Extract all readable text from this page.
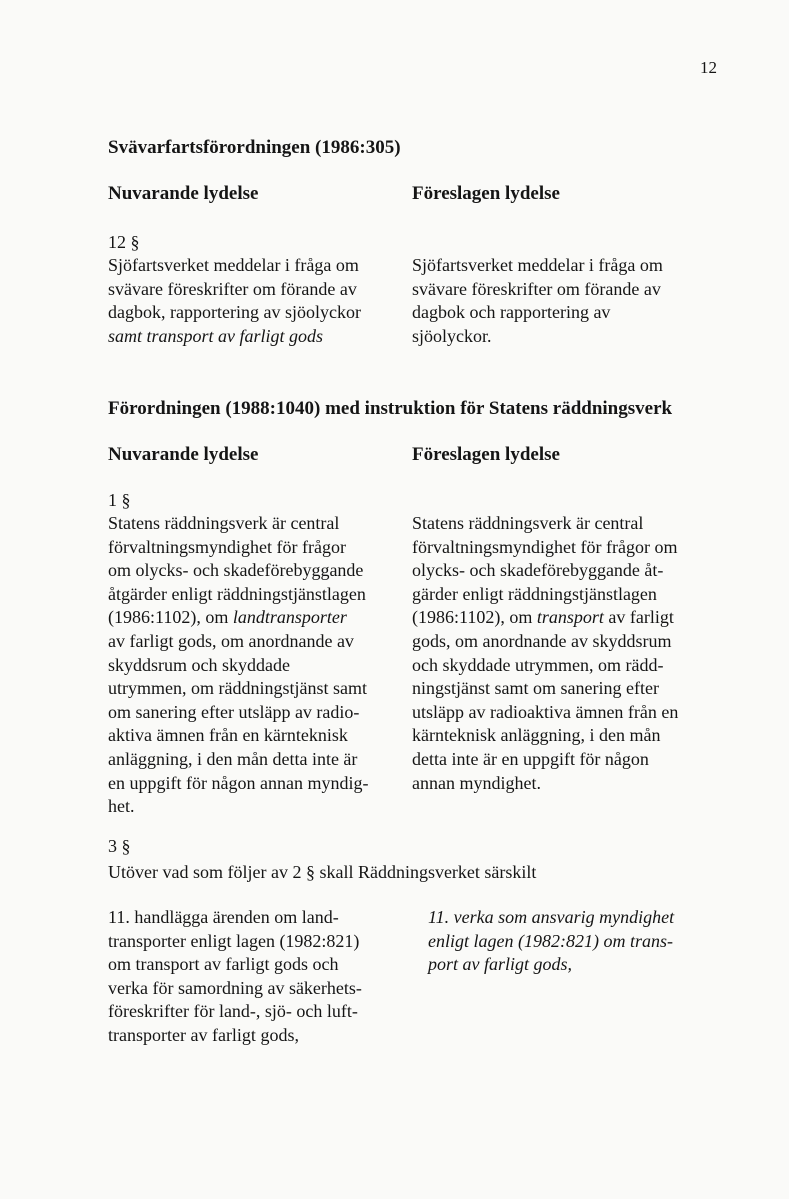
12
Svävarfartsförordningen (1986:305)
Nuvarande lydelse	Föreslagen lydelse
12 §

Sjöfartsverket meddelar i fråga om

svävare föreskrifter om förande av

dagbok, rapportering av sjöolyckor

samt transport av farligt gods

Sjöfartsverket meddelar i fråga om

svävare föreskrifter om förande av

dagbok och rapportering av

sjöolyckor.

Förordningen (1988:1040) med instruktion för Statens räddningsverk
Nuvarande lydelse	Föreslagen lydelse
1 §

Statens räddningsverk är central

förvaltningsmyndighet för frågor

om olycks- och skadeförebyggande

åtgärder enligt räddningstjänstlagen

(1986:1102), om landtransporter

av farligt gods, om anordnande av

skyddsrum och skyddade

utrymmen, om räddningstjänst samt

om sanering efter utsläpp av radio-

aktiva ämnen från en kärnteknisk

anläggning, i den mån detta inte är

en uppgift för någon annan myndig-

het.

Statens räddningsverk är central

förvaltningsmyndighet för frågor om

olycks- och skadeförebyggande åt-

gärder enligt räddningstjänstlagen

(1986:1102), om transport av farligt

gods, om anordnande av skyddsrum

och skyddade utrymmen, om rädd-

ningstjänst samt om sanering efter

utsläpp av radioaktiva ämnen från en

kärnteknisk anläggning, i den mån

detta inte är en uppgift för någon

annan myndighet.

3 §
Utöver vad som följer av 2 § skall Räddningsverket särskilt

11. handlägga ärenden om land-

transporter enligt lagen (1982:821)

om transport av farligt gods och

verka för samordning av säkerhets-

föreskrifter för land-, sjö- och luft-

transporter av farligt gods,

11. verka som ansvarig myndighet

enligt lagen (1982:821) om trans-

port av farligt gods,
